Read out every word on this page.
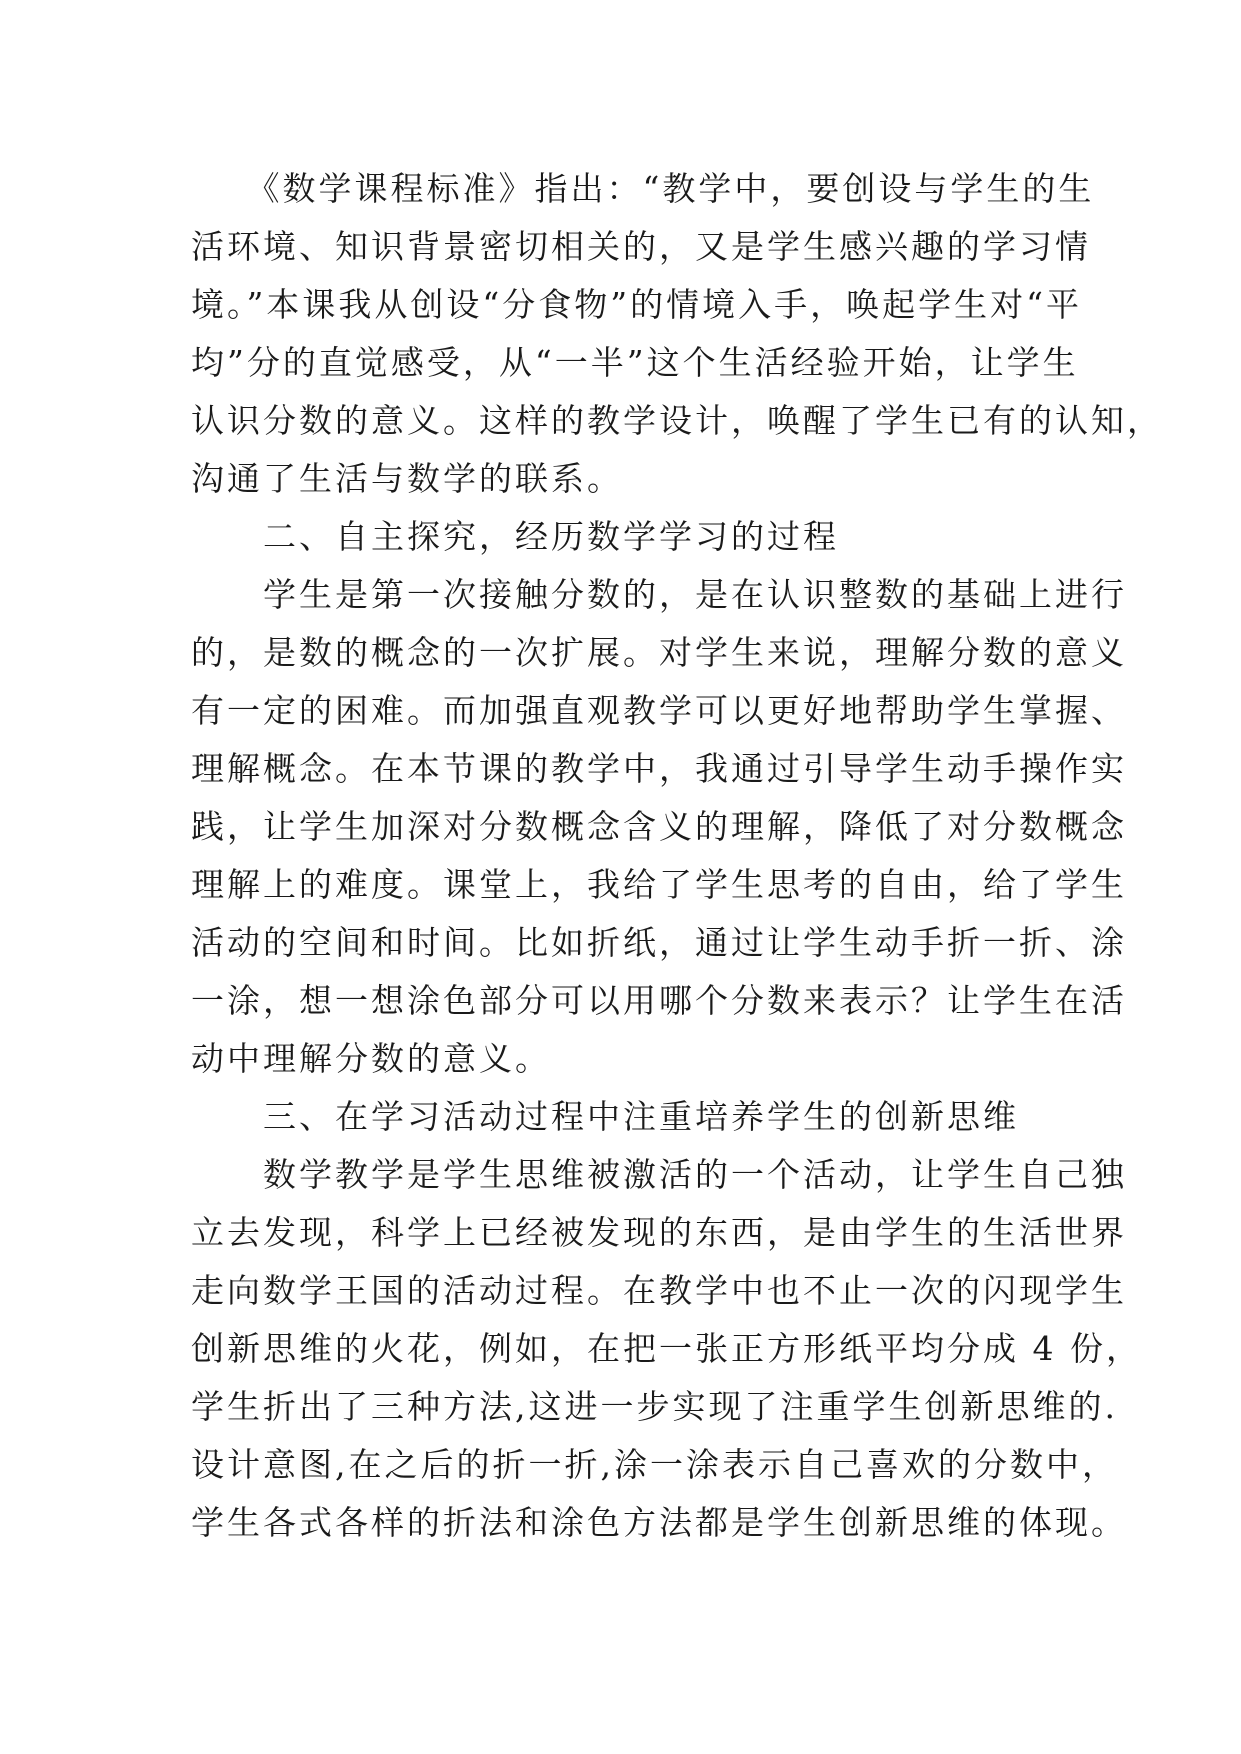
　　《数学课程标准》指出：“教学中，要创设与学生的生
活环境、知识背景密切相关的，又是学生感兴趣的学习情
境。”本课我从创设“分食物”的情境入手，唤起学生对“平
均”分的直觉感受，从“一半”这个生活经验开始，让学生
认识分数的意义。这样的教学设计，唤醒了学生已有的认知，
沟通了生活与数学的联系。
　　二、自主探究，经历数学学习的过程
　　学生是第一次接触分数的，是在认识整数的基础上进行
的，是数的概念的一次扩展。对学生来说，理解分数的意义
有一定的困难。而加强直观教学可以更好地帮助学生掌握、
理解概念。在本节课的教学中，我通过引导学生动手操作实
践，让学生加深对分数概念含义的理解，降低了对分数概念
理解上的难度。课堂上，我给了学生思考的自由，给了学生
活动的空间和时间。比如折纸，通过让学生动手折一折、涂
一涂，想一想涂色部分可以用哪个分数来表示？让学生在活
动中理解分数的意义。
　　三、在学习活动过程中注重培养学生的创新思维
　　数学教学是学生思维被激活的一个活动，让学生自己独
立去发现，科学上已经被发现的东西，是由学生的生活世界
走向数学王国的活动过程。在教学中也不止一次的闪现学生
创新思维的火花，例如，在把一张正方形纸平均分成 4 份，
学生折出了三种方法,这进一步实现了注重学生创新思维的.
设计意图,在之后的折一折,涂一涂表示自己喜欢的分数中，
学生各式各样的折法和涂色方法都是学生创新思维的体现。
